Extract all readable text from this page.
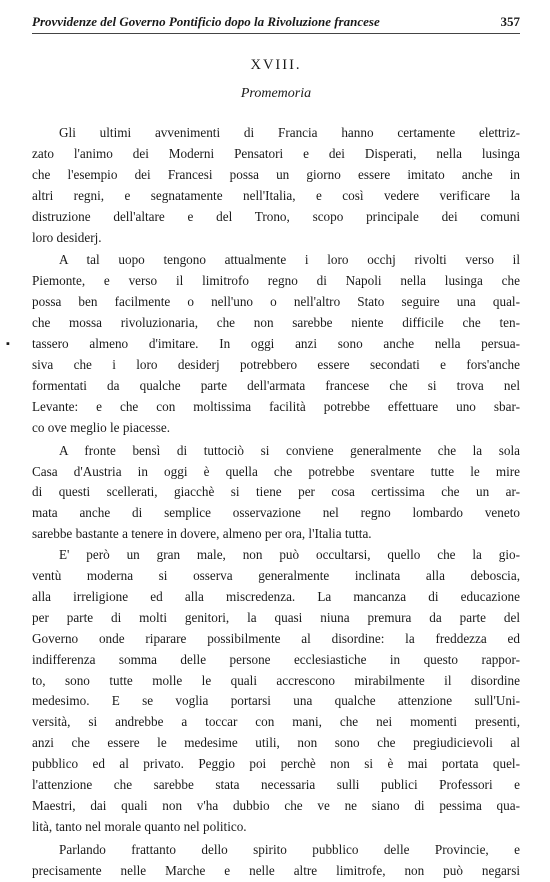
Provvidenze del Governo Pontificio dopo la Rivoluzione francese	357
XVIII.
Promemoria
▪

Gli ultimi avvenimenti di Francia hanno certamente elettriz-
zato l'animo dei Moderni Pensatori e dei Disperati, nella lusinga
che l'esempio dei Francesi possa un giorno essere imitato anche in
altri regni, e segnatamente nell'Italia, e così vedere verificare la
distruzione dell'altare e del Trono, scopo principale dei comuni
loro desiderj.

A tal uopo tengono attualmente i loro occhj rivolti verso il
Piemonte, e verso il limitrofo regno di Napoli nella lusinga che
possa ben facilmente o nell'uno o nell'altro Stato seguire una qual-
che mossa rivoluzionaria, che non sarebbe niente difficile che ten-
tassero almeno d'imitare. In oggi anzi sono anche nella persua-
siva che i loro desiderj potrebbero essere secondati e fors'anche
formentati da qualche parte dell'armata francese che si trova nel
Levante: e che con moltissima facilità potrebbe effettuare uno sbar-
co ove meglio le piacesse.

A fronte bensì di tuttociò si conviene generalmente che la sola
Casa d'Austria in oggi è quella che potrebbe sventare tutte le mire
di questi scellerati, giacchè si tiene per cosa certissima che un ar-
mata anche di semplice osservazione nel regno lombardo veneto
sarebbe bastante a tenere in dovere, almeno per ora, l'Italia tutta.
E' però un gran male, non può occultarsi, quello che la gio-
ventù moderna si osserva generalmente inclinata alla deboscia,
alla irreligione ed alla miscredenza. La mancanza di educazione
per parte di molti genitori, la quasi niuna premura da parte del
Governo onde riparare possibilmente al disordine: la freddezza ed
indifferenza somma delle persone ecclesiastiche in questo rappor-
to, sono tutte molle le quali accrescono mirabilmente il disordine
medesimo. E se voglia portarsi una qualche attenzione sull'Uni-
versità, si andrebbe a toccar con mani, che nei momenti presenti,
anzi che essere le medesime utili, non sono che pregiudicievoli al
pubblico ed al privato. Peggio poi perchè non si è mai portata quel-
l'attenzione che sarebbe stata necessaria sulli publici Professori e
Maestri, dai quali non v'ha dubbio che ve ne siano di pessima qua-
lità, tanto nel morale quanto nel politico.

Parlando frattanto dello spirito pubblico delle Provincie, e
precisamente nelle Marche e nelle altre limitrofe, non può negarsi
